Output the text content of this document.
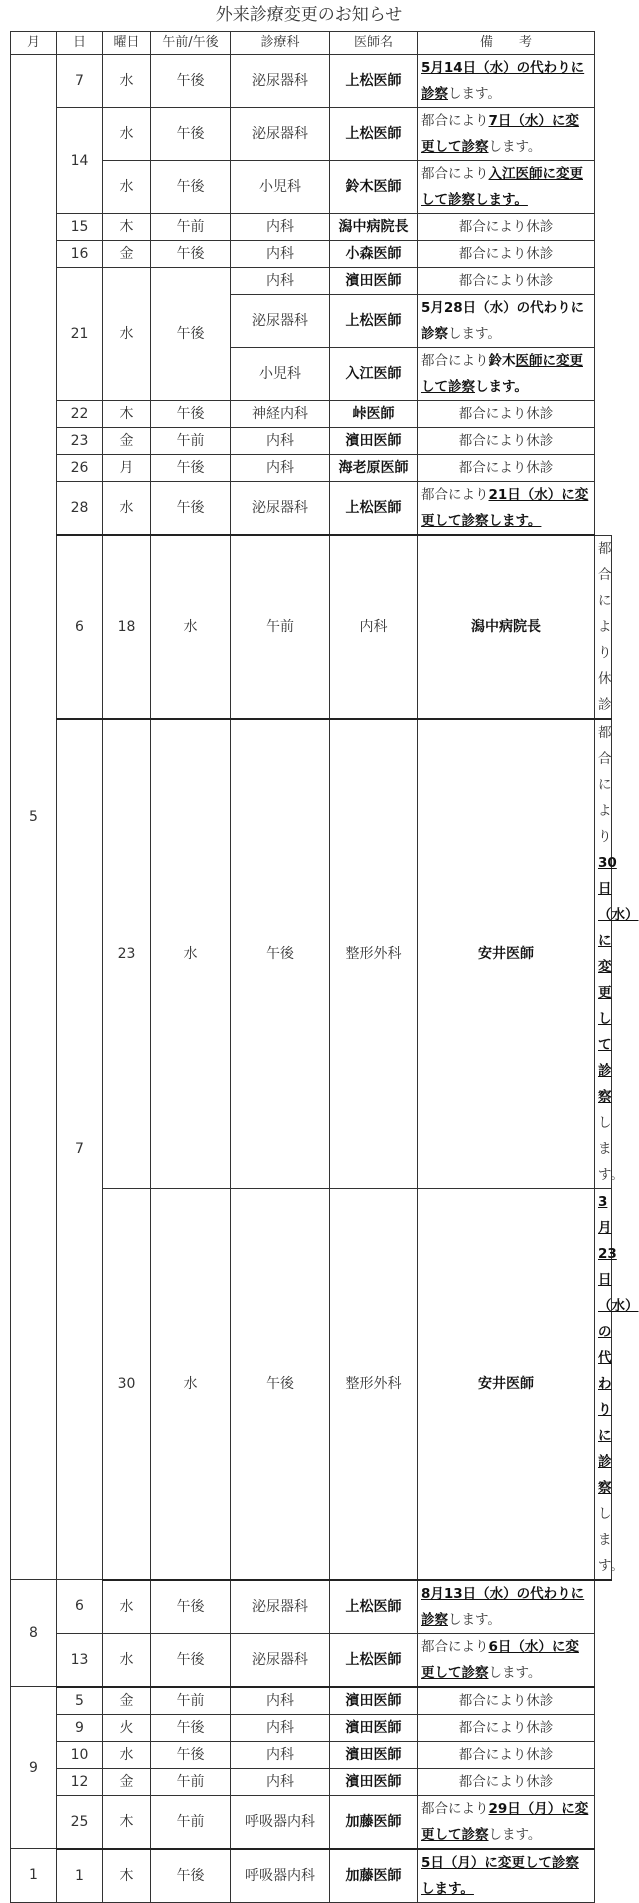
外来診療変更のお知らせ
月	日	曜日	午前/午後	診療科	医師名	備　　考	
5	7	水	午後	泌尿器科	上松医師	5月14日（水）の代わりに診察します。	
	14	水	午後	泌尿器科	上松医師	都合により7日（水）に変更して診察します。	
		水	午後	小児科	鈴木医師	都合により入江医師に変更して診察します。	
	15	木	午前	内科	潟中病院長	都合により休診	
	16	金	午後	内科	小森医師	都合により休診	
	21	水	午後	内科	濱田医師	都合により休診	
				泌尿器科	上松医師	5月28日（水）の代わりに診察します。	
				小児科	入江医師	都合により鈴木医師に変更して診察します。	
	22	木	午後	神経内科	峠医師	都合により休診	
	23	金	午前	内科	濱田医師	都合により休診	
	26	月	午後	内科	海老原医師	都合により休診	
	28	水	午後	泌尿器科	上松医師	都合により21日（水）に変更して診察します。	
	6	18	水	午前	内科	潟中病院長	都合により休診
	7	23	水	午後	整形外科	安井医師	都合により30日（水）に変更して診察します。
		30	水	午後	整形外科	安井医師	3月23日（水）の代わりに診察します。
8	6	水	午後	泌尿器科	上松医師	8月13日（水）の代わりに診察します。	
	13	水	午後	泌尿器科	上松医師	都合により6日（水）に変更して診察します。	
9	5	金	午前	内科	濱田医師	都合により休診	
	9	火	午後	内科	濱田医師	都合により休診	
	10	水	午後	内科	濱田医師	都合により休診	
	12	金	午前	内科	濱田医師	都合により休診	
	25	木	午前	呼吸器内科	加藤医師	都合により29日（月）に変更して診察します。	
1	1	木	午後	呼吸器内科	加藤医師	5日（月）に変更して診察します。	
